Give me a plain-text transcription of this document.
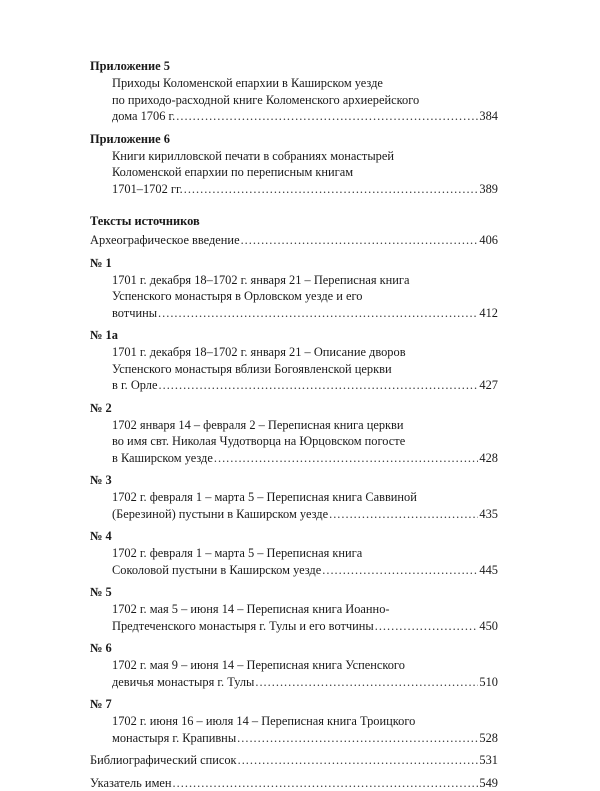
Приложение 5
Приходы Коломенской епархии в Каширском уезде
по приходо-расходной книге Коломенского архиерейского
дома 1706 г. .....	384
Приложение 6
Книги кирилловской печати в собраниях монастырей
Коломенской епархии по переписным книгам
1701–1702 гг. .....	389
Тексты источников
Археографическое введение .....	406
№ 1
1701 г. декабря 18–1702 г. января 21 – Переписная книга
Успенского монастыря в Орловском уезде и его
вотчины .....	412
№ 1а
1701 г. декабря 18–1702 г. января 21 – Описание дворов
Успенского монастыря вблизи Богоявленской церкви
в г. Орле .....	427
№ 2
1702 января 14 – февраля 2 – Переписная книга церкви
во имя свт. Николая Чудотворца на Юрцовском погосте
в Каширском уезде .....	428
№ 3
1702 г. февраля 1 – марта 5 – Переписная книга Саввиной
(Березиной) пустыни в Каширском уезде .....	435
№ 4
1702 г. февраля 1 – марта 5 – Переписная книга
Соколовой пустыни в Каширском уезде .....	445
№ 5
1702 г. мая 5 – июня 14 – Переписная книга Иоанно-
Предтеченского монастыря г. Тулы и его вотчины .....	450
№ 6
1702 г. мая 9 – июня 14 – Переписная книга Успенского
девичья монастыря г. Тулы .....	510
№ 7
1702 г. июня 16 – июля 14 – Переписная книга Троицкого
монастыря г. Крапивны .....	528
Библиографический список .....	531
Указатель имен .....	549
